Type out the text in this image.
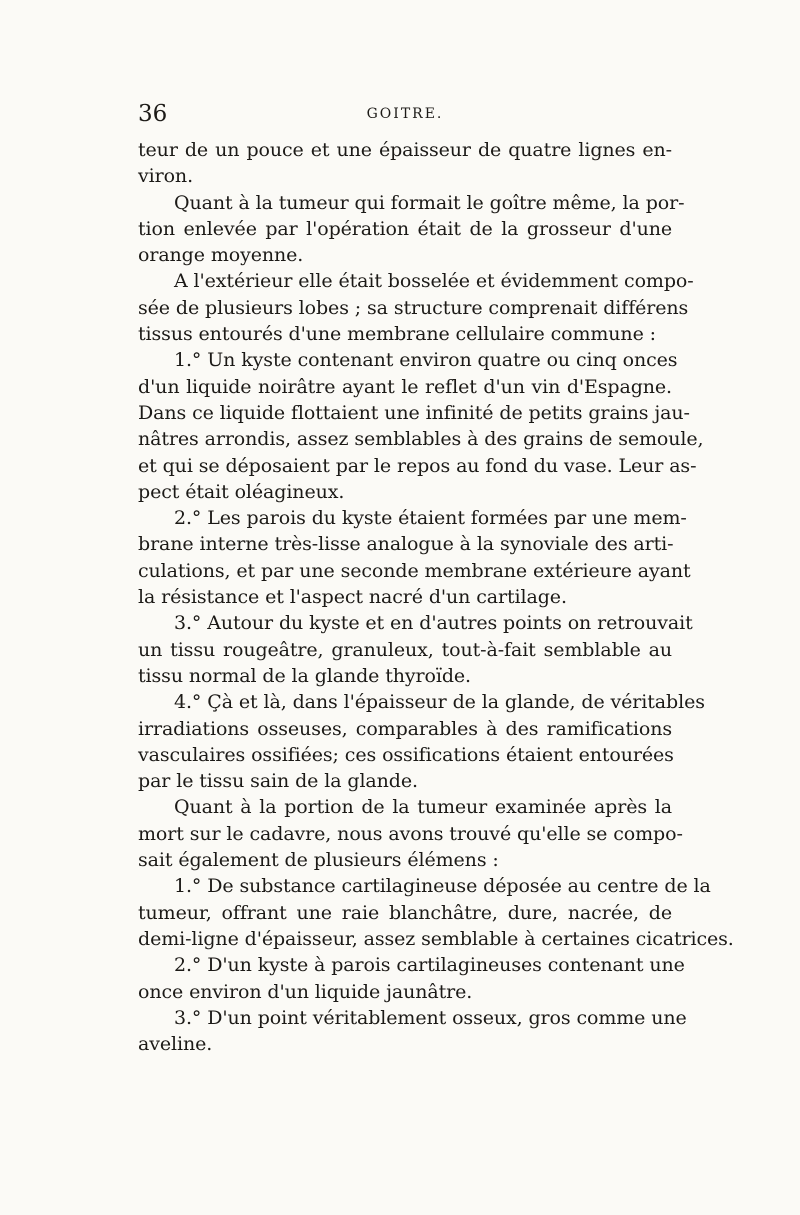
36	GOITRE.
teur de un pouce et une épaisseur de quatre lignes en-
viron.
Quant à la tumeur qui formait le goître même, la por-
tion enlevée par l'opération était de la grosseur d'une
orange moyenne.
A l'extérieur elle était bosselée et évidemment compo-
sée de plusieurs lobes ; sa structure comprenait différens
tissus entourés d'une membrane cellulaire commune :
1.° Un kyste contenant environ quatre ou cinq onces
d'un liquide noirâtre ayant le reflet d'un vin d'Espagne.
Dans ce liquide flottaient une infinité de petits grains jau-
nâtres arrondis, assez semblables à des grains de semoule,
et qui se déposaient par le repos au fond du vase. Leur as-
pect était oléagineux.
2.° Les parois du kyste étaient formées par une mem-
brane interne très-lisse analogue à la synoviale des arti-
culations, et par une seconde membrane extérieure ayant
la résistance et l'aspect nacré d'un cartilage.
3.° Autour du kyste et en d'autres points on retrouvait
un tissu rougeâtre, granuleux, tout-à-fait semblable au
tissu normal de la glande thyroïde.
4.° Çà et là, dans l'épaisseur de la glande, de véritables
irradiations osseuses, comparables à des ramifications
vasculaires ossifiées; ces ossifications étaient entourées
par le tissu sain de la glande.
Quant à la portion de la tumeur examinée après la
mort sur le cadavre, nous avons trouvé qu'elle se compo-
sait également de plusieurs élémens :
1.° De substance cartilagineuse déposée au centre de la
tumeur, offrant une raie blanchâtre, dure, nacrée, de
demi-ligne d'épaisseur, assez semblable à certaines cicatrices.
2.° D'un kyste à parois cartilagineuses contenant une
once environ d'un liquide jaunâtre.
3.° D'un point véritablement osseux, gros comme une
aveline.
